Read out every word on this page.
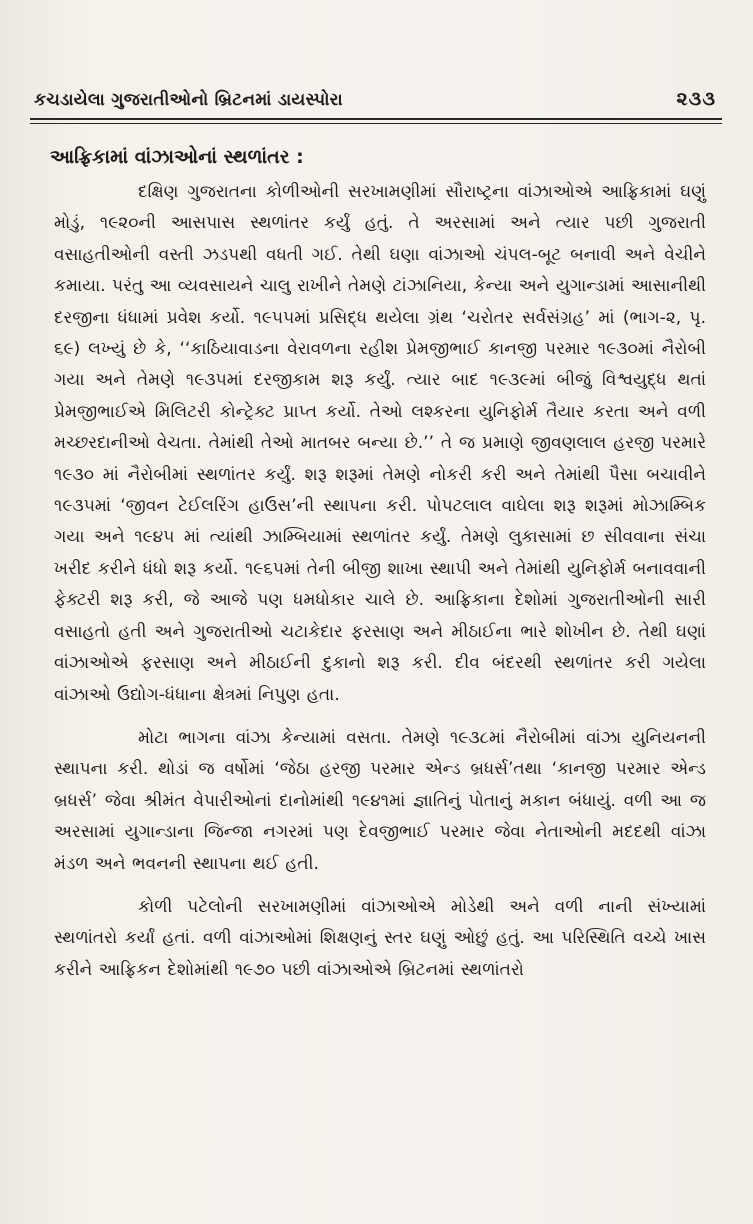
કચડાયેલા ગુજરાતીઓનો બ્રિટનમાં ડાયસ્પોરા	૨૩૩
આફ્રિકામાં વાંઝાઓનાં સ્થળાંતર :

દક્ષિણ ગુજરાતના કોળીઓની સરખામણીમાં સૌરાષ્ટ્રના વાંઝાઓએ આફ્રિકામાં ઘણું મોડું, ૧૯૨૦ની આસપાસ સ્થળાંતર કર્યું હતું. તે અરસામાં અને ત્યાર પછી ગુજરાતી વસાહતીઓની વસ્તી ઝડપથી વધતી ગઈ. તેથી ઘણા વાંઝાઓ ચંપલ-બૂટ બનાવી અને વેચીને કમાયા. પરંતુ આ વ્યવસાયને ચાલુ રાખીને તેમણે ટાંઝાનિયા, કેન્યા અને યુગાન્ડામાં આસાનીથી દરજીના ધંધામાં પ્રવેશ કર્યો. ૧૯૫૫માં પ્રસિદ્ધ થયેલા ગ્રંથ ‘ચરોતર સર્વસંગ્રહ’ માં (ભાગ-૨, પૃ. ૬૯) લખ્યું છે કે, ‘‘કાઠિયાવાડના વેરાવળના રહીશ પ્રેમજીભાઈ કાનજી પરમાર ૧૯૩૦માં નૈરોબી ગયા અને તેમણે ૧૯૩૫માં દરજીકામ શરૂ કર્યું. ત્યાર બાદ ૧૯૩૯માં બીજું વિશ્વયુદ્ધ થતાં પ્રેમજીભાઈએ મિલિટરી કોન્ટ્રેક્ટ પ્રાપ્ત કર્યો. તેઓ લશ્કરના યુનિફોર્મ તૈયાર કરતા અને વળી મચ્છરદાનીઓ વેચતા. તેમાંથી તેઓ માતબર બન્યા છે.’’ તે જ પ્રમાણે જીવણલાલ હરજી પરમારે ૧૯૩૦ માં નૈરોબીમાં સ્થળાંતર કર્યું. શરૂ શરૂમાં તેમણે નોકરી કરી અને તેમાંથી પૈસા બચાવીને ૧૯૩૫માં ‘જીવન ટેઈલરિંગ હાઉસ’ની સ્થાપના કરી. પોપટલાલ વાઘેલા શરૂ શરૂમાં મોઝામ્બિક ગયા અને ૧૯૪૫ માં ત્યાંથી ઝામ્બિયામાં સ્થળાંતર કર્યું. તેમણે લુકાસામાં છ સીવવાના સંચા ખરીદ કરીને ધંધો શરૂ કર્યો. ૧૯૬૫માં તેની બીજી શાખા સ્થાપી અને તેમાંથી યુનિફોર્મ બનાવવાની ફેક્ટરી શરૂ કરી, જે આજે પણ ધમધોકાર ચાલે છે. આફ્રિકાના દેશોમાં ગુજરાતીઓની સારી વસાહતો હતી અને ગુજરાતીઓ ચટાકેદાર ફરસાણ અને મીઠાઈના ભારે શોખીન છે. તેથી ઘણાં વાંઝાઓએ ફરસાણ અને મીઠાઈની દુકાનો શરૂ કરી. દીવ બંદરથી સ્થળાંતર કરી ગયેલા વાંઝાઓ ઉદ્યોગ-ધંધાના ક્ષેત્રમાં નિપુણ હતા.

મોટા ભાગના વાંઝા કેન્યામાં વસતા. તેમણે ૧૯૩૮માં નૈરોબીમાં વાંઝા યુનિયનની સ્થાપના કરી. થોડાં જ વર્ષોમાં ‘જેઠા હરજી પરમાર એન્ડ બ્રધર્સ’તથા ‘કાનજી પરમાર એન્ડ બ્રધર્સ’ જેવા શ્રીમંત વેપારીઓનાં દાનોમાંથી ૧૯૪૧માં જ્ઞાતિનું પોતાનું મકાન બંધાયું. વળી આ જ અરસામાં યુગાન્ડાના જિન્જા નગરમાં પણ દેવજીભાઈ પરમાર જેવા નેતાઓની મદદથી વાંઝા મંડળ અને ભવનની સ્થાપના થઈ હતી.

કોળી પટેલોની સરખામણીમાં વાંઝાઓએ મોડેથી અને વળી નાની સંખ્યામાં સ્થળાંતરો કર્યાં હતાં. વળી વાંઝાઓમાં શિક્ષણનું સ્તર ઘણું ઓછું હતું. આ પરિસ્થિતિ વચ્ચે ખાસ કરીને આફ્રિકન દેશોમાંથી ૧૯૭૦ પછી વાંઝાઓએ બ્રિટનમાં સ્થળાંતરો
